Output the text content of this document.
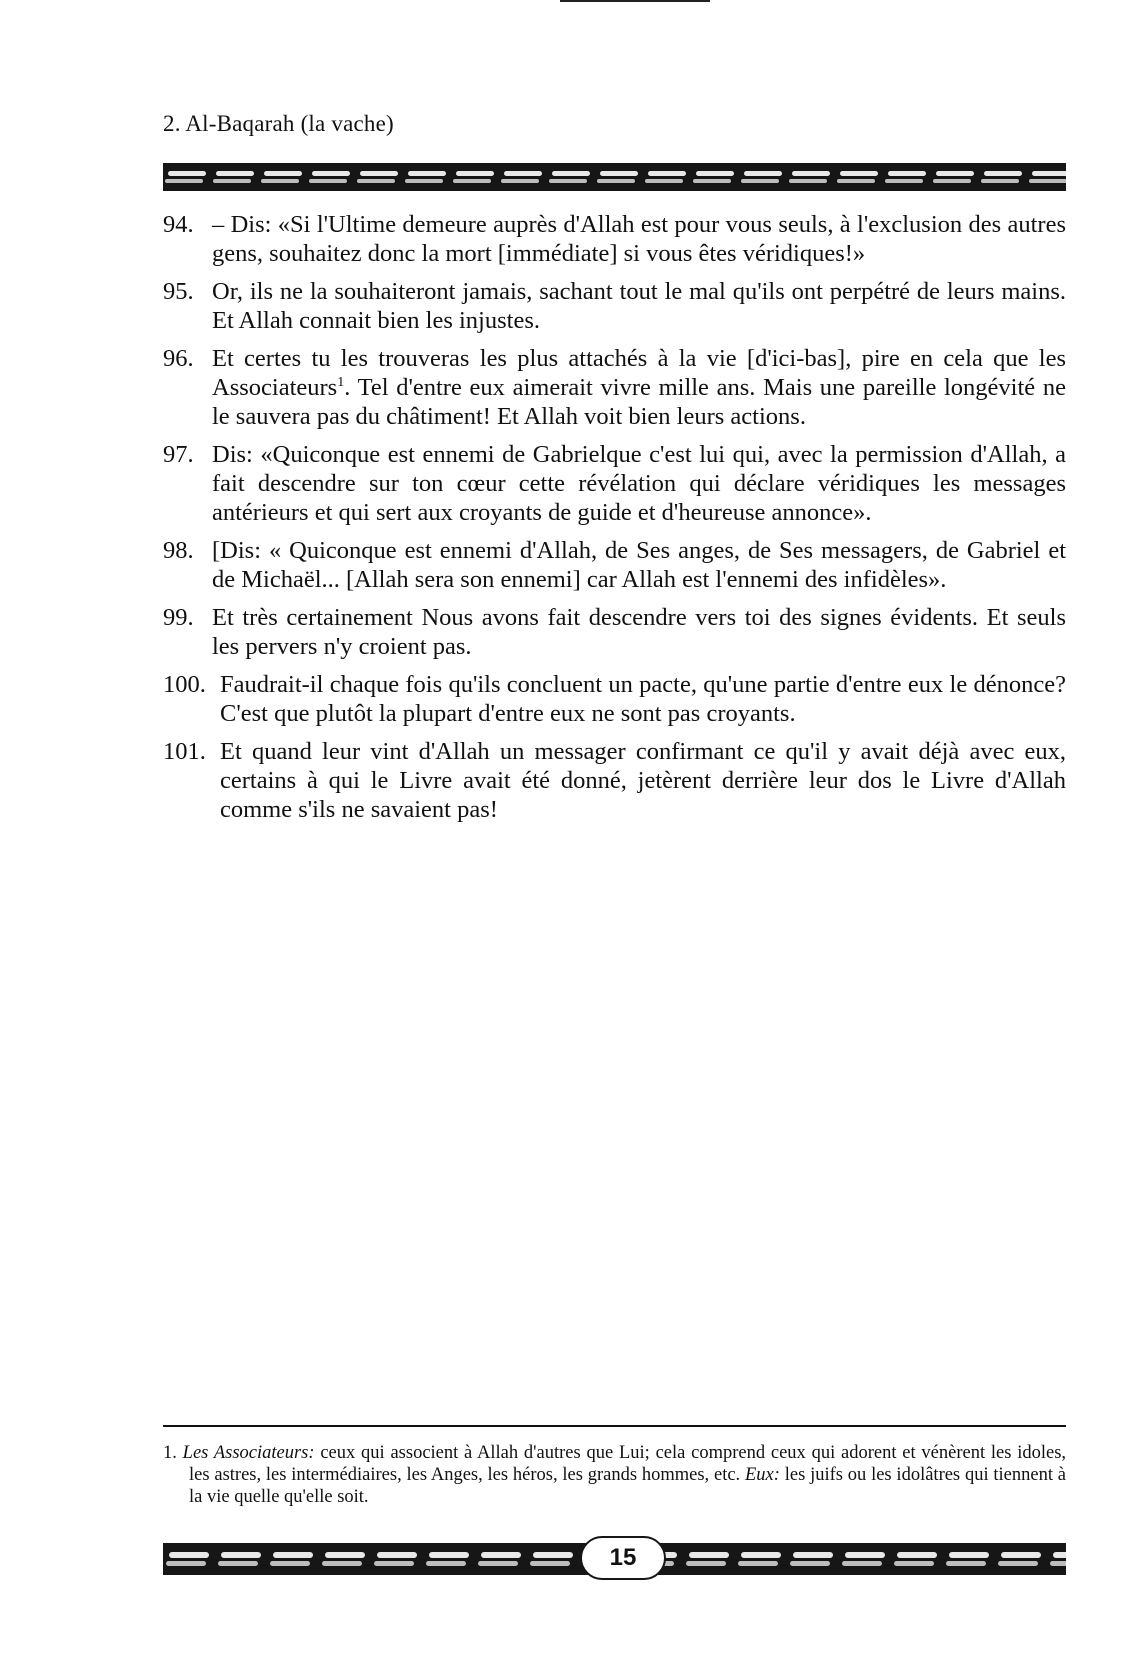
2. Al-Baqarah (la vache)
94. – Dis: «Si l'Ultime demeure auprès d'Allah est pour vous seuls, à l'exclusion des autres gens, souhaitez donc la mort [immédiate] si vous êtes véridiques!»
95. Or, ils ne la souhaiteront jamais, sachant tout le mal qu'ils ont perpétré de leurs mains. Et Allah connait bien les injustes.
96. Et certes tu les trouveras les plus attachés à la vie [d'ici-bas], pire en cela que les Associateurs$^1$. Tel d'entre eux aimerait vivre mille ans. Mais une pareille longévité ne le sauvera pas du châtiment! Et Allah voit bien leurs actions.
97. Dis: «Quiconque est ennemi de Gabrielque c'est lui qui, avec la permission d'Allah, a fait descendre sur ton cœur cette révélation qui déclare véridiques les messages antérieurs et qui sert aux croyants de guide et d'heureuse annonce».
98. [Dis: « Quiconque est ennemi d'Allah, de Ses anges, de Ses messagers, de Gabriel et de Michaël... [Allah sera son ennemi] car Allah est l'ennemi des infidèles».
99. Et très certainement Nous avons fait descendre vers toi des signes évidents. Et seuls les pervers n'y croient pas.
100. Faudrait-il chaque fois qu'ils concluent un pacte, qu'une partie d'entre eux le dénonce? C'est que plutôt la plupart d'entre eux ne sont pas croyants.
101. Et quand leur vint d'Allah un messager confirmant ce qu'il y avait déjà avec eux, certains à qui le Livre avait été donné, jetèrent derrière leur dos le Livre d'Allah comme s'ils ne savaient pas!
1. Les Associateurs: ceux qui associent à Allah d'autres que Lui; cela comprend ceux qui adorent et vénèrent les idoles, les astres, les intermédiaires, les Anges, les héros, les grands hommes, etc. Eux: les juifs ou les idolâtres qui tiennent à la vie quelle qu'elle soit.
15
